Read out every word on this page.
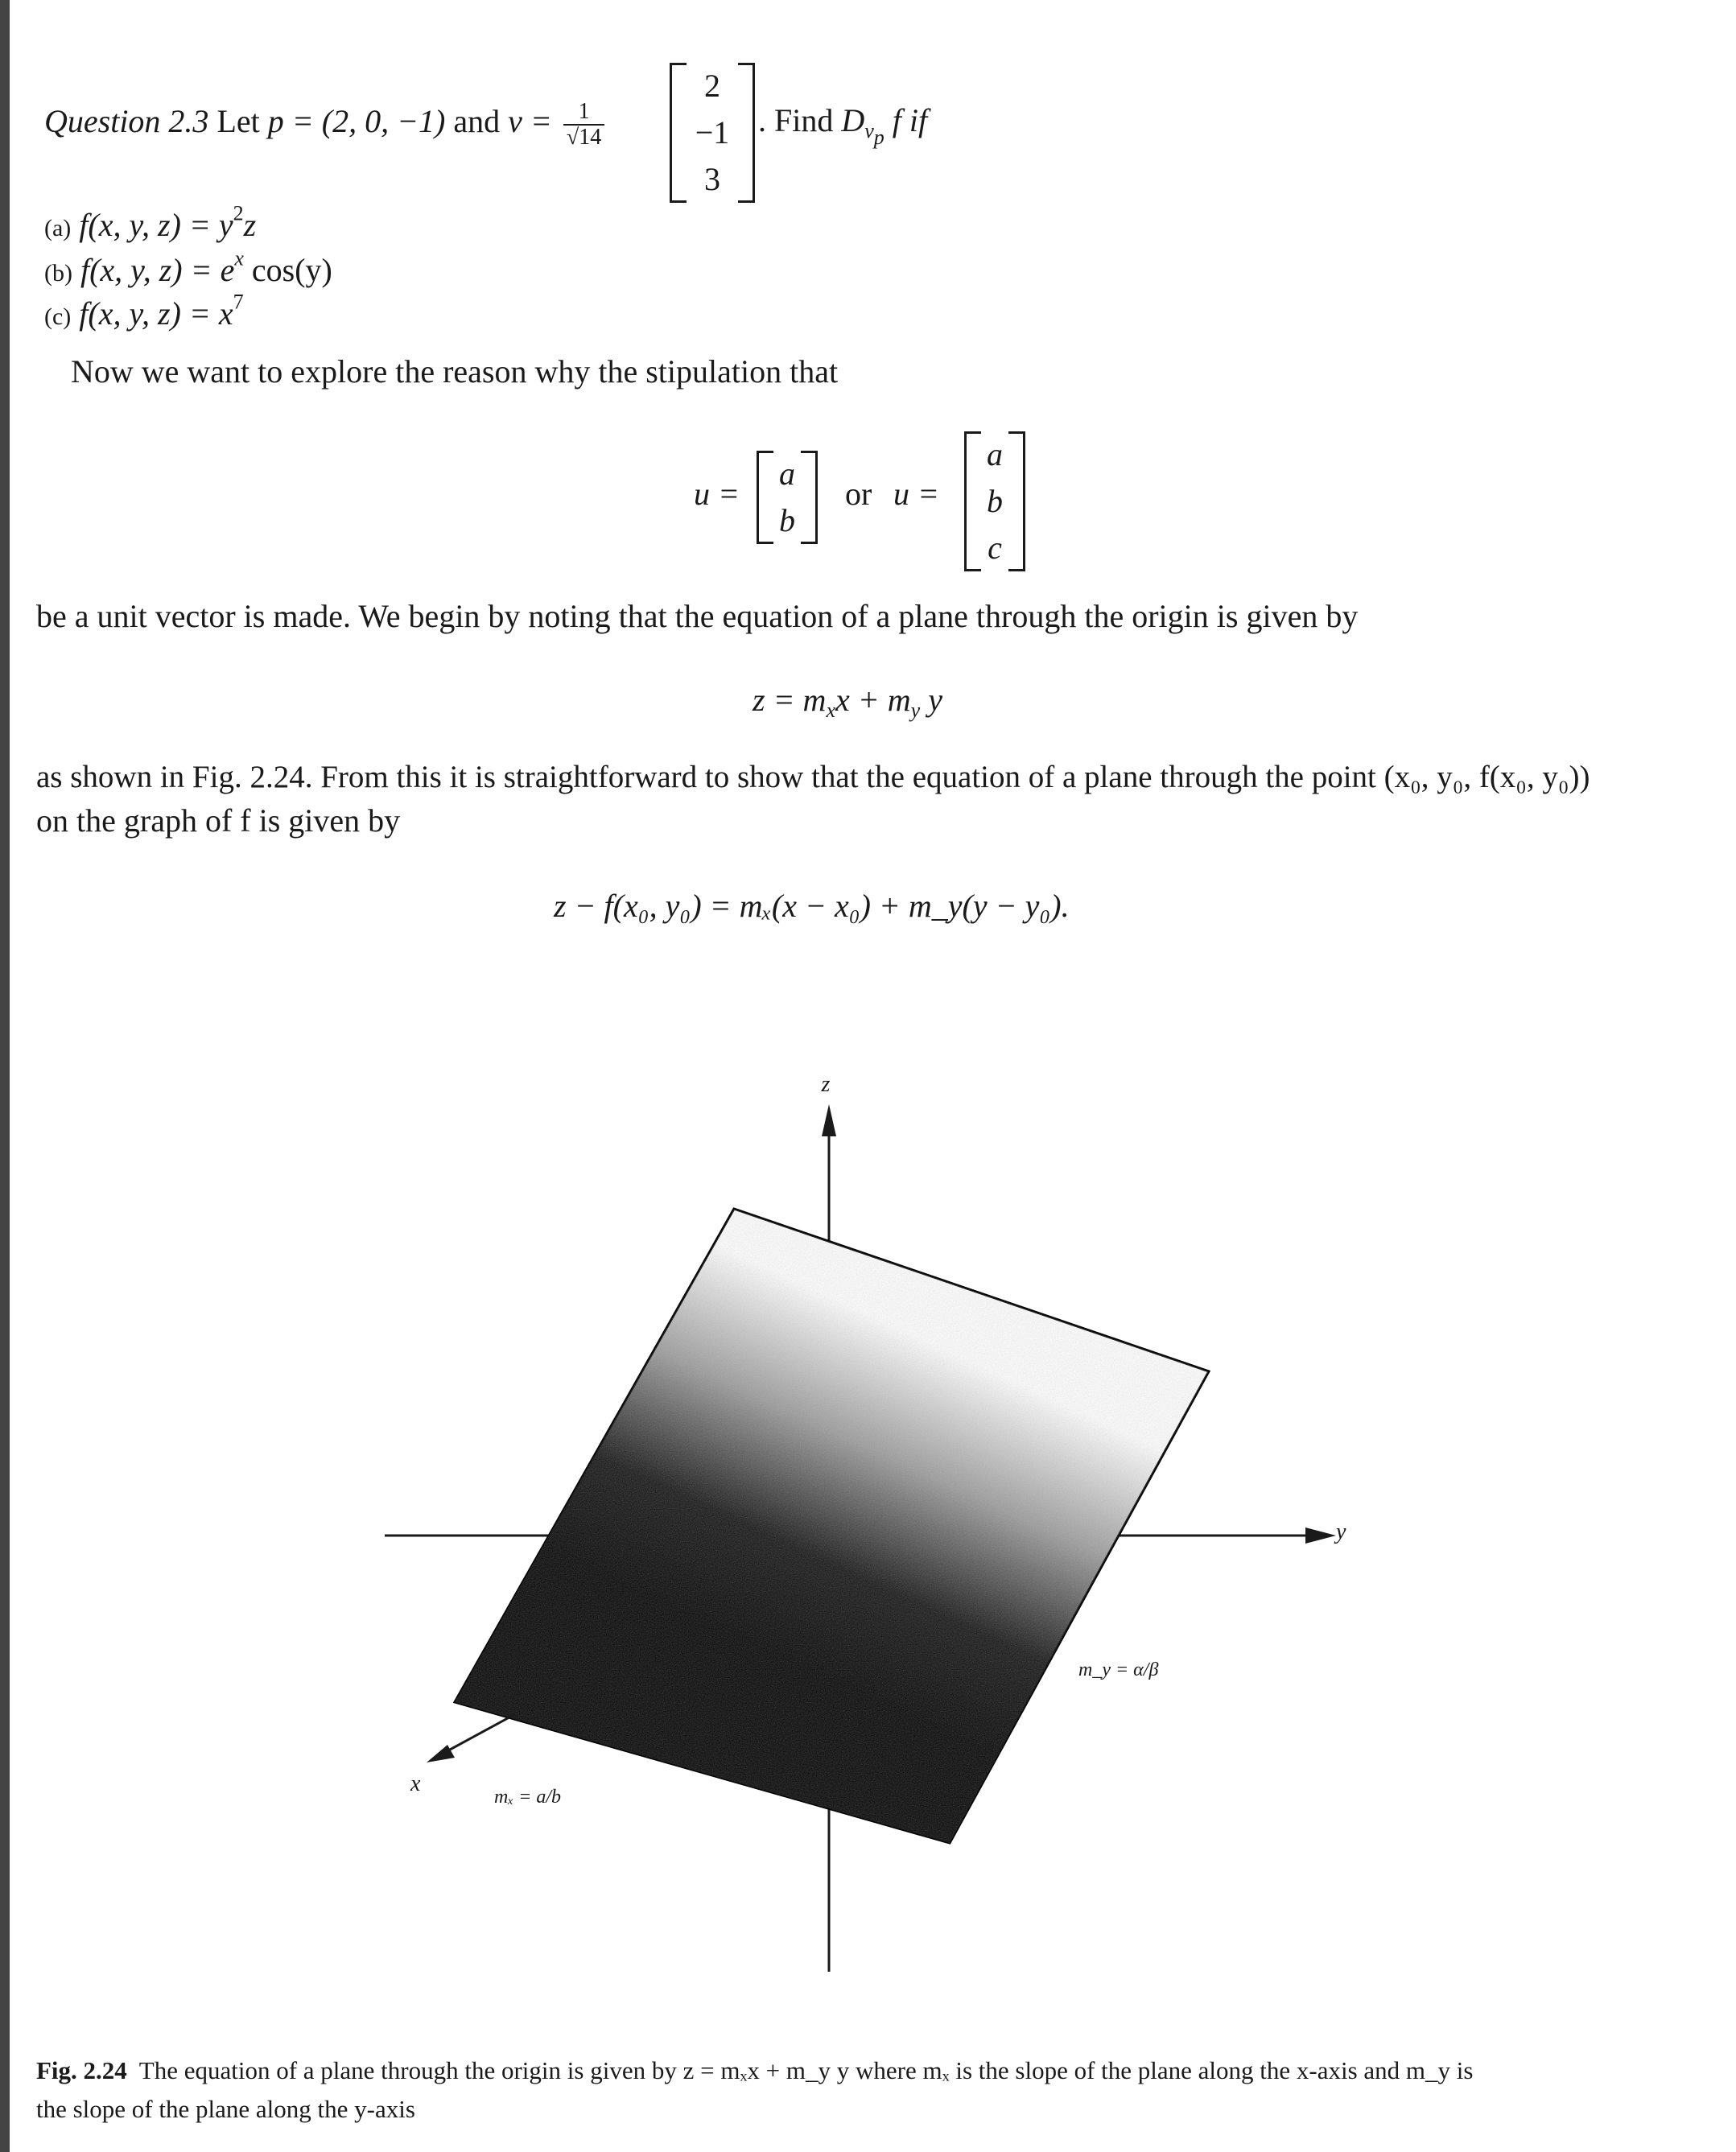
Question 2.3 Let p = (2, 0, −1) and $v = \frac{1}{√14}$
2
−1
3
. Find $D_{v_p}$ f if
(a) f(x, y, $z) = y^2z$
(b) f(x, y, $z) = e^x$ cos(y)
(c) f(x, y, $z) = x^7$
Now we want to explore the reason why the stipulation that
u =
a
b
or u =
a
b
c
be a unit vector is made. We begin by noting that the equation of a plane through the origin is given by
$z = m_xx + m_y$ y
as shown in Fig. 2.24. From this it is straightforward to show that the equation of a plane through the point (x₀, y₀, f(x₀, y₀))
on the graph of f is given by
z − f(x₀, y₀) = mₓ(x − x₀) + m_y(y − y₀).
z
y
x
m_y = α/β
mₓ = a/b
Fig. 2.24 The equation of a plane through the origin is given by z = mₓx + m_y y where mₓ is the slope of the plane along the x-axis and m_y is
the slope of the plane along the y-axis
